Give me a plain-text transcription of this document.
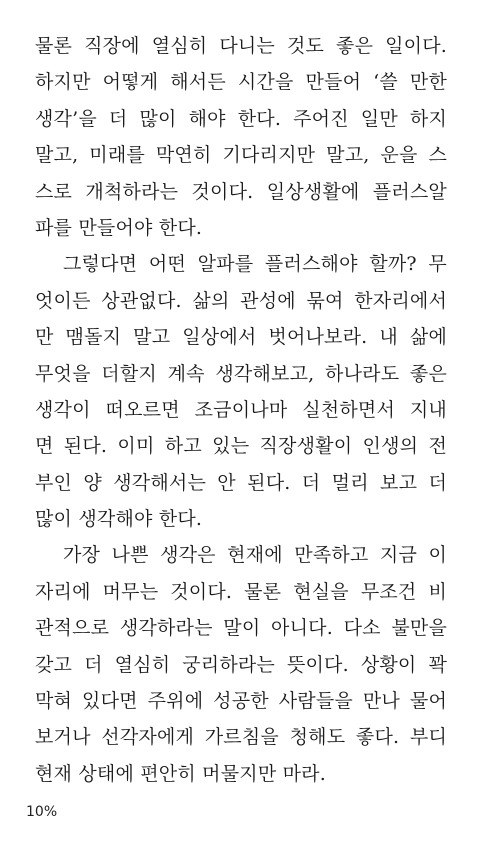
물론 직장에 열심히 다니는 것도 좋은 일이다.
하지만 어떻게 해서든 시간을 만들어 ‘쓸 만한
생각’을 더 많이 해야 한다. 주어진 일만 하지
말고, 미래를 막연히 기다리지만 말고, 운을 스
스로 개척하라는 것이다. 일상생활에 플러스알
파를 만들어야 한다.
그렇다면 어떤 알파를 플러스해야 할까? 무
엇이든 상관없다. 삶의 관성에 묶여 한자리에서
만 맴돌지 말고 일상에서 벗어나보라. 내 삶에
무엇을 더할지 계속 생각해보고, 하나라도 좋은
생각이 떠오르면 조금이나마 실천하면서 지내
면 된다. 이미 하고 있는 직장생활이 인생의 전
부인 양 생각해서는 안 된다. 더 멀리 보고 더
많이 생각해야 한다.
가장 나쁜 생각은 현재에 만족하고 지금 이
자리에 머무는 것이다. 물론 현실을 무조건 비
관적으로 생각하라는 말이 아니다. 다소 불만을
갖고 더 열심히 궁리하라는 뜻이다. 상황이 꽉
막혀 있다면 주위에 성공한 사람들을 만나 물어
보거나 선각자에게 가르침을 청해도 좋다. 부디
현재 상태에 편안히 머물지만 마라.
10%
